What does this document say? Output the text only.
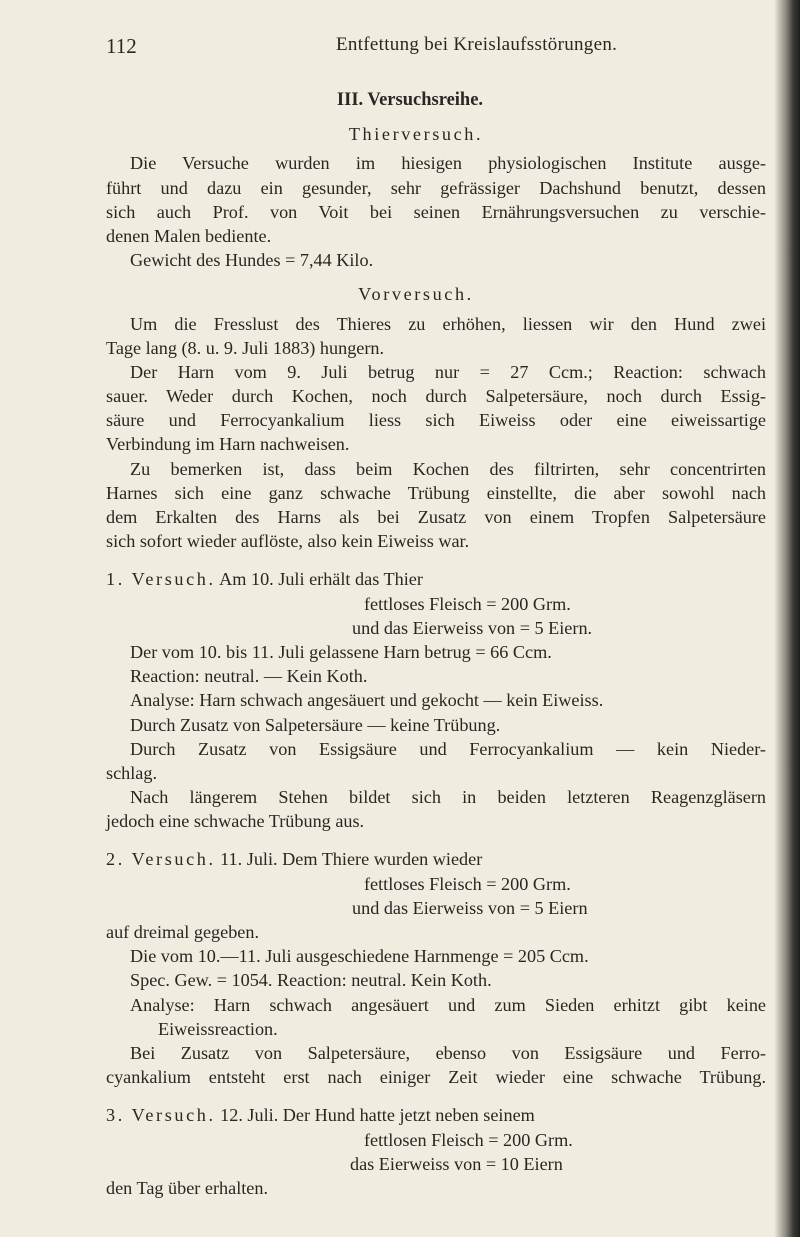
112	Entfettung bei Kreislaufsstörungen.
III. Versuchsreihe.
Thierversuch.
Die Versuche wurden im hiesigen physiologischen Institute ausge-
führt und dazu ein gesunder, sehr gefrässiger Dachshund benutzt, dessen
sich auch Prof. von Voit bei seinen Ernährungsversuchen zu verschie-
denen Malen bediente.
Gewicht des Hundes = 7,44 Kilo.
Vorversuch.
Um die Fresslust des Thieres zu erhöhen, liessen wir den Hund zwei
Tage lang (8. u. 9. Juli 1883) hungern.
Der Harn vom 9. Juli betrug nur = 27 Ccm.; Reaction: schwach
sauer. Weder durch Kochen, noch durch Salpetersäure, noch durch Essig-
säure und Ferrocyankalium liess sich Eiweiss oder eine eiweissartige
Verbindung im Harn nachweisen.
Zu bemerken ist, dass beim Kochen des filtrirten, sehr concentrirten
Harnes sich eine ganz schwache Trübung einstellte, die aber sowohl nach
dem Erkalten des Harns als bei Zusatz von einem Tropfen Salpetersäure
sich sofort wieder auflöste, also kein Eiweiss war.
1. Versuch. Am 10. Juli erhält das Thier
fettloses Fleisch = 200 Grm.
und das Eierweiss von = 5 Eiern.
Der vom 10. bis 11. Juli gelassene Harn betrug = 66 Ccm.
Reaction: neutral. — Kein Koth.
Analyse: Harn schwach angesäuert und gekocht — kein Eiweiss.
Durch Zusatz von Salpetersäure — keine Trübung.
Durch Zusatz von Essigsäure und Ferrocyankalium — kein Nieder-
schlag.
Nach längerem Stehen bildet sich in beiden letzteren Reagenzgläsern
jedoch eine schwache Trübung aus.
2. Versuch. 11. Juli. Dem Thiere wurden wieder
fettloses Fleisch = 200 Grm.
und das Eierweiss von = 5 Eiern
auf dreimal gegeben.
Die vom 10.—11. Juli ausgeschiedene Harnmenge = 205 Ccm.
Spec. Gew. = 1054. Reaction: neutral. Kein Koth.
Analyse: Harn schwach angesäuert und zum Sieden erhitzt gibt keine
Eiweissreaction.
Bei Zusatz von Salpetersäure, ebenso von Essigsäure und Ferro-
cyankalium entsteht erst nach einiger Zeit wieder eine schwache Trübung.
3. Versuch. 12. Juli. Der Hund hatte jetzt neben seinem
fettlosen Fleisch = 200 Grm.
das Eierweiss von = 10 Eiern
den Tag über erhalten.
